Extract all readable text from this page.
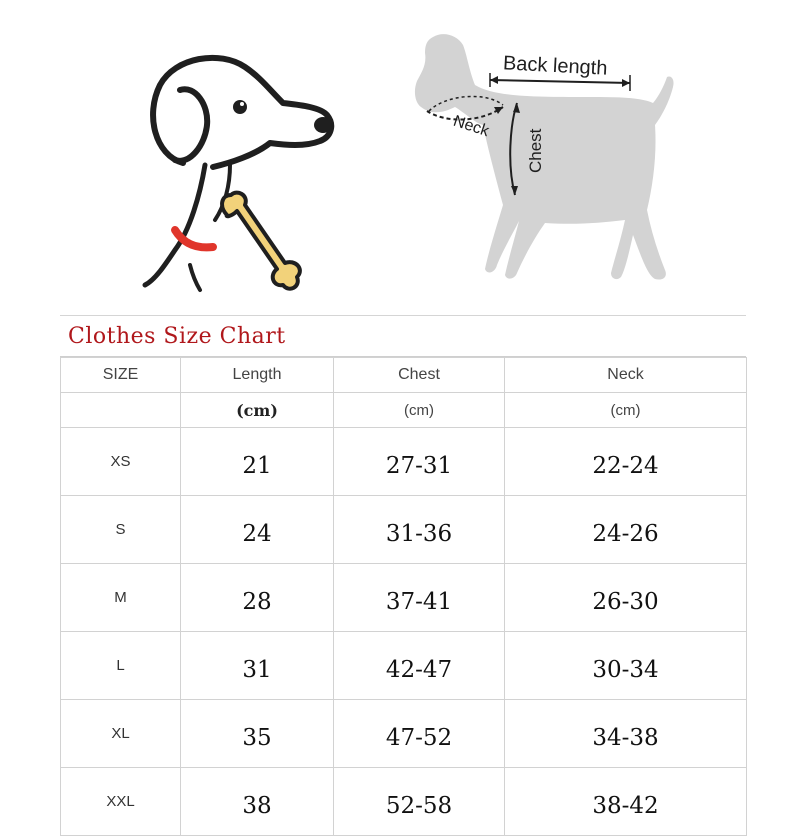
Back length
Neck
Chest
Clothes Size Chart
SIZE	Length	Chest	Neck
	(cm)	(cm)	(cm)
XS	21	27-31	22-24
S	24	31-36	24-26
M	28	37-41	26-30
L	31	42-47	30-34
XL	35	47-52	34-38
XXL	38	52-58	38-42
